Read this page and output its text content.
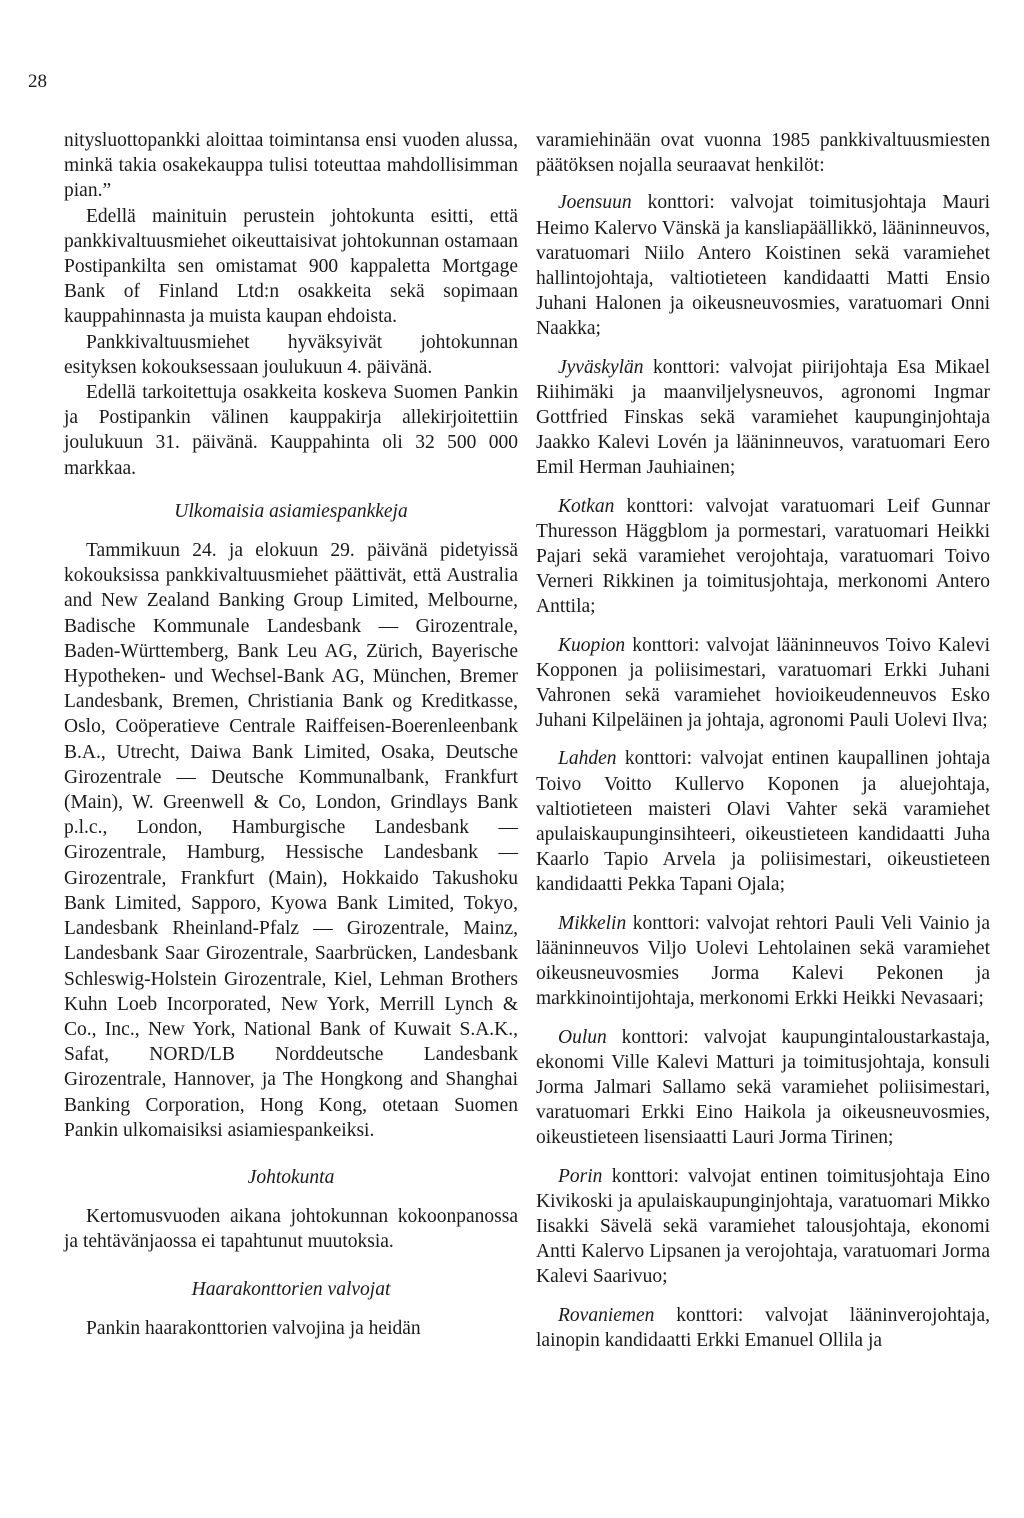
28

nitysluottopankki aloittaa toimintansa ensi vuoden alussa, minkä takia osakekauppa tulisi toteuttaa mahdollisimman pian.”

Edellä mainituin perustein johtokunta esitti, että pankkivaltuusmiehet oikeuttaisivat johtokunnan ostamaan Postipankilta sen omistamat 900 kappaletta Mortgage Bank of Finland Ltd:n osakkeita sekä sopimaan kauppahinnasta ja muista kaupan ehdoista.

Pankkivaltuusmiehet hyväksyivät johtokunnan esityksen kokouksessaan joulukuun 4. päivänä.

Edellä tarkoitettuja osakkeita koskeva Suomen Pankin ja Postipankin välinen kauppakirja allekirjoitettiin joulukuun 31. päivänä. Kauppahinta oli 32 500 000 markkaa.

Ulkomaisia asiamiespankkeja

Tammikuun 24. ja elokuun 29. päivänä pidetyissä kokouksissa pankkivaltuusmiehet päättivät, että Australia and New Zealand Banking Group Limited, Melbourne, Badische Kommunale Landesbank — Girozentrale, Baden-Württemberg, Bank Leu AG, Zürich, Bayerische Hypotheken- und Wechsel-Bank AG, München, Bremer Landesbank, Bremen, Christiania Bank og Kreditkasse, Oslo, Coöperatieve Centrale Raiffeisen-Boerenleenbank B.A., Utrecht, Daiwa Bank Limited, Osaka, Deutsche Girozentrale — Deutsche Kommunalbank, Frankfurt (Main), W. Greenwell & Co, London, Grindlays Bank p.l.c., London, Hamburgische Landesbank — Girozentrale, Hamburg, Hessische Landesbank — Girozentrale, Frankfurt (Main), Hokkaido Takushoku Bank Limited, Sapporo, Kyowa Bank Limited, Tokyo, Landesbank Rheinland-Pfalz — Girozentrale, Mainz, Landesbank Saar Girozentrale, Saarbrücken, Landesbank Schleswig-Holstein Girozentrale, Kiel, Lehman Brothers Kuhn Loeb Incorporated, New York, Merrill Lynch & Co., Inc., New York, National Bank of Kuwait S.A.K., Safat, NORD/LB Norddeutsche Landesbank Girozentrale, Hannover, ja The Hongkong and Shanghai Banking Corporation, Hong Kong, otetaan Suomen Pankin ulkomaisiksi asiamiespankeiksi.

Johtokunta

Kertomusvuoden aikana johtokunnan kokoonpanossa ja tehtävänjaossa ei tapahtunut muutoksia.

Haarakonttorien valvojat

Pankin haarakonttorien valvojina ja heidän

varamiehinään ovat vuonna 1985 pankkivaltuusmiesten päätöksen nojalla seuraavat henkilöt:

Joensuun konttori: valvojat toimitusjohtaja Mauri Heimo Kalervo Vänskä ja kansliapäällikkö, lääninneuvos, varatuomari Niilo Antero Koistinen sekä varamiehet hallintojohtaja, valtiotieteen kandidaatti Matti Ensio Juhani Halonen ja oikeusneuvosmies, varatuomari Onni Naakka;

Jyväskylän konttori: valvojat piirijohtaja Esa Mikael Riihimäki ja maanviljelysneuvos, agronomi Ingmar Gottfried Finskas sekä varamiehet kaupunginjohtaja Jaakko Kalevi Lovén ja lääninneuvos, varatuomari Eero Emil Herman Jauhiainen;

Kotkan konttori: valvojat varatuomari Leif Gunnar Thuresson Häggblom ja pormestari, varatuomari Heikki Pajari sekä varamiehet verojohtaja, varatuomari Toivo Verneri Rikkinen ja toimitusjohtaja, merkonomi Antero Anttila;

Kuopion konttori: valvojat lääninneuvos Toivo Kalevi Kopponen ja poliisimestari, varatuomari Erkki Juhani Vahronen sekä varamiehet hovioikeudenneuvos Esko Juhani Kilpeläinen ja johtaja, agronomi Pauli Uolevi Ilva;

Lahden konttori: valvojat entinen kaupallinen johtaja Toivo Voitto Kullervo Koponen ja aluejohtaja, valtiotieteen maisteri Olavi Vahter sekä varamiehet apulaiskaupunginsihteeri, oikeustieteen kandidaatti Juha Kaarlo Tapio Arvela ja poliisimestari, oikeustieteen kandidaatti Pekka Tapani Ojala;

Mikkelin konttori: valvojat rehtori Pauli Veli Vainio ja lääninneuvos Viljo Uolevi Lehtolainen sekä varamiehet oikeusneuvosmies Jorma Kalevi Pekonen ja markkinointijohtaja, merkonomi Erkki Heikki Nevasaari;

Oulun konttori: valvojat kaupungintaloustarkastaja, ekonomi Ville Kalevi Matturi ja toimitusjohtaja, konsuli Jorma Jalmari Sallamo sekä varamiehet poliisimestari, varatuomari Erkki Eino Haikola ja oikeusneuvosmies, oikeustieteen lisensiaatti Lauri Jorma Tirinen;

Porin konttori: valvojat entinen toimitusjohtaja Eino Kivikoski ja apulaiskaupunginjohtaja, varatuomari Mikko Iisakki Sävelä sekä varamiehet talousjohtaja, ekonomi Antti Kalervo Lipsanen ja verojohtaja, varatuomari Jorma Kalevi Saarivuo;

Rovaniemen konttori: valvojat lääninverojohtaja, lainopin kandidaatti Erkki Emanuel Ollila ja
